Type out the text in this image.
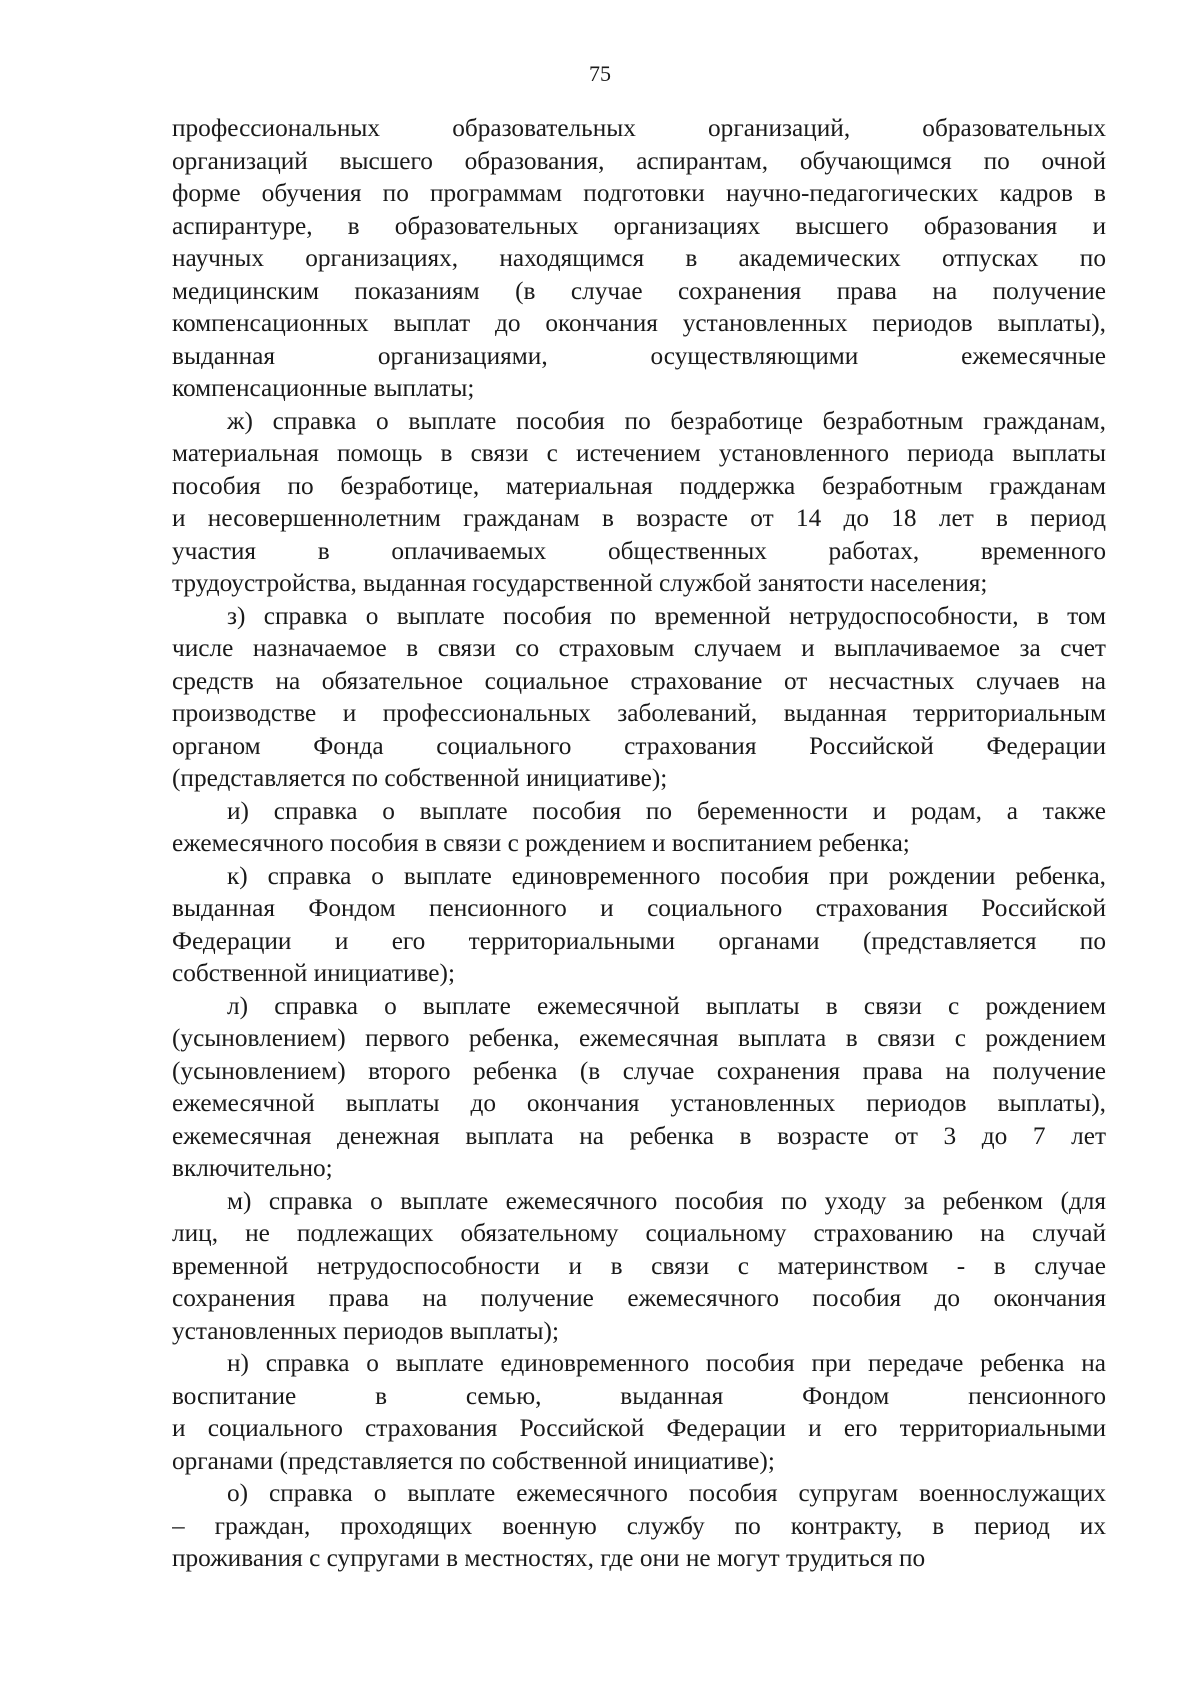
75
профессиональных образовательных организаций, образовательных
организаций высшего образования, аспирантам, обучающимся по очной
форме обучения по программам подготовки научно-педагогических кадров в
аспирантуре, в образовательных организациях высшего образования и
научных организациях, находящимся в академических отпусках по
медицинским показаниям (в случае сохранения права на получение
компенсационных выплат до окончания установленных периодов выплаты),
выданная организациями, осуществляющими ежемесячные
компенсационные выплаты;
ж) справка о выплате пособия по безработице безработным гражданам,
материальная помощь в связи с истечением установленного периода выплаты
пособия по безработице, материальная поддержка безработным гражданам
и несовершеннолетним гражданам в возрасте от 14 до 18 лет в период
участия в оплачиваемых общественных работах, временного
трудоустройства, выданная государственной службой занятости населения;
з) справка о выплате пособия по временной нетрудоспособности, в том
числе назначаемое в связи со страховым случаем и выплачиваемое за счет
средств на обязательное социальное страхование от несчастных случаев на
производстве и профессиональных заболеваний, выданная территориальным
органом Фонда социального страхования Российской Федерации
(представляется по собственной инициативе);
и) справка о выплате пособия по беременности и родам, а также
ежемесячного пособия в связи с рождением и воспитанием ребенка;
к) справка о выплате единовременного пособия при рождении ребенка,
выданная Фондом пенсионного и социального страхования Российской
Федерации и его территориальными органами (представляется по
собственной инициативе);
л) справка о выплате ежемесячной выплаты в связи с рождением
(усыновлением) первого ребенка, ежемесячная выплата в связи с рождением
(усыновлением) второго ребенка (в случае сохранения права на получение
ежемесячной выплаты до окончания установленных периодов выплаты),
ежемесячная денежная выплата на ребенка в возрасте от 3 до 7 лет
включительно;
м) справка о выплате ежемесячного пособия по уходу за ребенком (для
лиц, не подлежащих обязательному социальному страхованию на случай
временной нетрудоспособности и в связи с материнством - в случае
сохранения права на получение ежемесячного пособия до окончания
установленных периодов выплаты);
н) справка о выплате единовременного пособия при передаче ребенка на
воспитание в семью, выданная Фондом пенсионного
и социального страхования Российской Федерации и его территориальными
органами (представляется по собственной инициативе);
о) справка о выплате ежемесячного пособия супругам военнослужащих
– граждан, проходящих военную службу по контракту, в период их
проживания с супругами в местностях, где они не могут трудиться по
